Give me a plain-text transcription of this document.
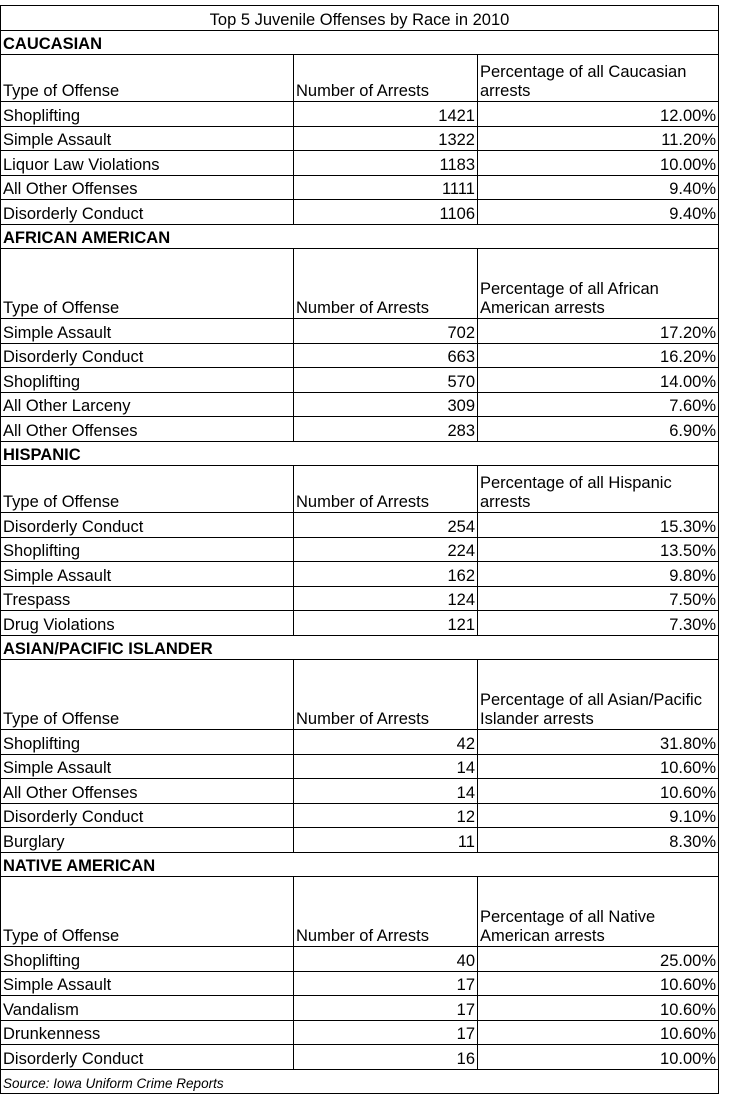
Top 5 Juvenile Offenses by Race in 2010		
CAUCASIAN		
Type of Offense	Number of Arrests	Percentage of all Caucasian arrests
Shoplifting	1421	12.00%
Simple Assault	1322	11.20%
Liquor Law Violations	1183	10.00%
All Other Offenses	1111	9.40%
Disorderly Conduct	1106	9.40%
AFRICAN AMERICAN		
Type of Offense	Number of Arrests	Percentage of all African American arrests
Simple Assault	702	17.20%
Disorderly Conduct	663	16.20%
Shoplifting	570	14.00%
All Other Larceny	309	7.60%
All Other Offenses	283	6.90%
HISPANIC		
Type of Offense	Number of Arrests	Percentage of all Hispanic arrests
Disorderly Conduct	254	15.30%
Shoplifting	224	13.50%
Simple Assault	162	9.80%
Trespass	124	7.50%
Drug Violations	121	7.30%
ASIAN/PACIFIC ISLANDER		
Type of Offense	Number of Arrests	Percentage of all Asian/Pacific Islander arrests
Shoplifting	42	31.80%
Simple Assault	14	10.60%
All Other Offenses	14	10.60%
Disorderly Conduct	12	9.10%
Burglary	11	8.30%
NATIVE AMERICAN		
Type of Offense	Number of Arrests	Percentage of all Native American arrests
Shoplifting	40	25.00%
Simple Assault	17	10.60%
Vandalism	17	10.60%
Drunkenness	17	10.60%
Disorderly Conduct	16	10.00%
Source: Iowa Uniform Crime Reports		
